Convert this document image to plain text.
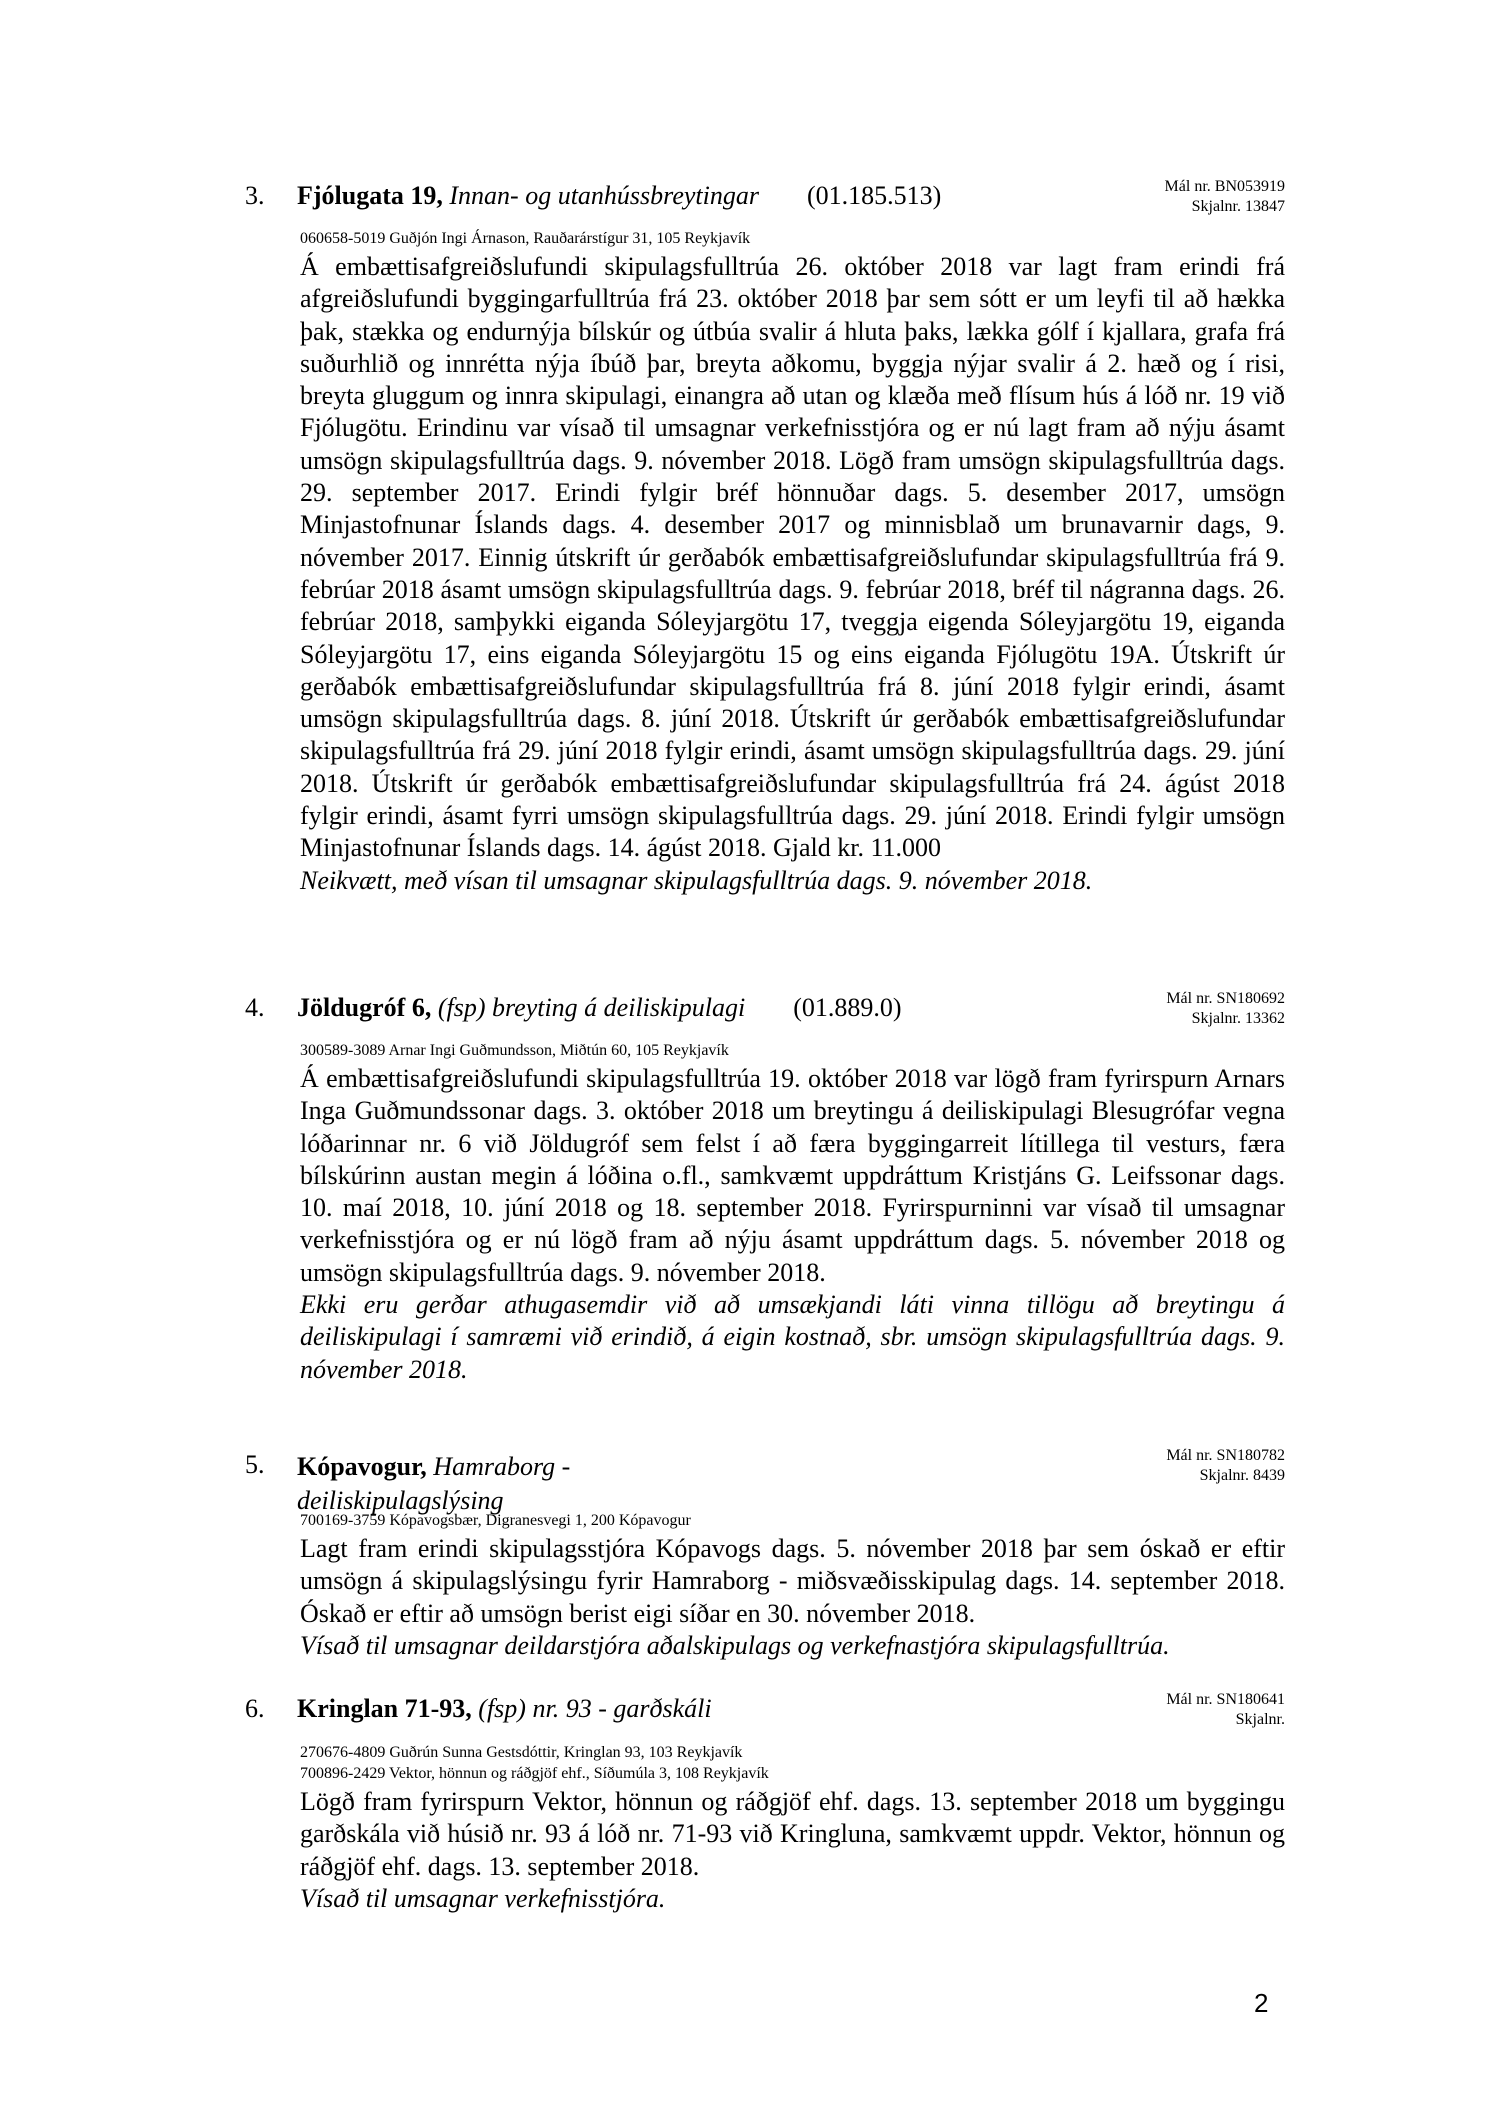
3. Fjólugata 19, Innan- og utanhússbreytingar (01.185.513)	Mál nr. BN053919
Skjalnr. 13847
060658-5019 Guðjón Ingi Árnason, Rauðarárstígur 31, 105 Reykjavík

Á embættisafgreiðslufundi skipulagsfulltrúa 26. október 2018 var lagt fram erindi frá afgreiðslufundi byggingarfulltrúa frá 23. október 2018 þar sem sótt er um leyfi til að hækka þak, stækka og endurnýja bílskúr og útbúa svalir á hluta þaks, lækka gólf í kjallara, grafa frá suðurhlið og innrétta nýja íbúð þar, breyta aðkomu, byggja nýjar svalir á 2. hæð og í risi, breyta gluggum og innra skipulagi, einangra að utan og klæða með flísum hús á lóð nr. 19 við Fjólugötu. Erindinu var vísað til umsagnar verkefnisstjóra og er nú lagt fram að nýju ásamt umsögn skipulagsfulltrúa dags. 9. nóvember 2018. Lögð fram umsögn skipulagsfulltrúa dags. 29. september 2017. Erindi fylgir bréf hönnuðar dags. 5. desember 2017, umsögn Minjastofnunar Íslands dags. 4. desember 2017 og minnisblað um brunavarnir dags, 9. nóvember 2017. Einnig útskrift úr gerðabók embættisafgreiðslufundar skipulagsfulltrúa frá 9. febrúar 2018 ásamt umsögn skipulagsfulltrúa dags. 9. febrúar 2018, bréf til nágranna dags. 26. febrúar 2018, samþykki eiganda Sóleyjargötu 17, tveggja eigenda Sóleyjargötu 19, eiganda Sóleyjargötu 17, eins eiganda Sóleyjargötu 15 og eins eiganda Fjólugötu 19A. Útskrift úr gerðabók embættisafgreiðslufundar skipulagsfulltrúa frá 8. júní 2018 fylgir erindi, ásamt umsögn skipulagsfulltrúa dags. 8. júní 2018. Útskrift úr gerðabók embættisafgreiðslufundar skipulagsfulltrúa frá 29. júní 2018 fylgir erindi, ásamt umsögn skipulagsfulltrúa dags. 29. júní 2018. Útskrift úr gerðabók embættisafgreiðslufundar skipulagsfulltrúa frá 24. ágúst 2018 fylgir erindi, ásamt fyrri umsögn skipulagsfulltrúa dags. 29. júní 2018. Erindi fylgir umsögn Minjastofnunar Íslands dags. 14. ágúst 2018. Gjald kr. 11.000

Neikvætt, með vísan til umsagnar skipulagsfulltrúa dags. 9. nóvember 2018.

4. Jöldugróf 6, (fsp) breyting á deiliskipulagi (01.889.0)	Mál nr. SN180692
Skjalnr. 13362
300589-3089 Arnar Ingi Guðmundsson, Miðtún 60, 105 Reykjavík

Á embættisafgreiðslufundi skipulagsfulltrúa 19. október 2018 var lögð fram fyrirspurn Arnars Inga Guðmundssonar dags. 3. október 2018 um breytingu á deiliskipulagi Blesugrófar vegna lóðarinnar nr. 6 við Jöldugróf sem felst í að færa byggingarreit lítillega til vesturs, færa bílskúrinn austan megin á lóðina o.fl., samkvæmt uppdráttum Kristjáns G. Leifssonar dags. 10. maí 2018, 10. júní 2018 og 18. september 2018. Fyrirspurninni var vísað til umsagnar verkefnisstjóra og er nú lögð fram að nýju ásamt uppdráttum dags. 5. nóvember 2018 og umsögn skipulagsfulltrúa dags. 9. nóvember 2018.

Ekki eru gerðar athugasemdir við að umsækjandi láti vinna tillögu að breytingu á deiliskipulagi í samræmi við erindið, á eigin kostnað, sbr. umsögn skipulagsfulltrúa dags. 9. nóvember 2018.

5. Kópavogur, Hamraborg - deiliskipulagslýsing
Mál nr. SN180782
Skjalnr. 8439
700169-3759 Kópavogsbær, Digranesvegi 1, 200 Kópavogur

Lagt fram erindi skipulagsstjóra Kópavogs dags. 5. nóvember 2018 þar sem óskað er eftir umsögn á skipulagslýsingu fyrir Hamraborg - miðsvæðisskipulag dags. 14. september 2018. Óskað er eftir að umsögn berist eigi síðar en 30. nóvember 2018.

Vísað til umsagnar deildarstjóra aðalskipulags og verkefnastjóra skipulagsfulltrúa.

6. Kringlan 71-93, (fsp) nr. 93 - garðskáli	Mál nr. SN180641
Skjalnr.
270676-4809 Guðrún Sunna Gestsdóttir, Kringlan 93, 103 Reykjavík
700896-2429 Vektor, hönnun og ráðgjöf ehf., Síðumúla 3, 108 Reykjavík

Lögð fram fyrirspurn Vektor, hönnun og ráðgjöf ehf. dags. 13. september 2018 um byggingu garðskála við húsið nr. 93 á lóð nr. 71-93 við Kringluna, samkvæmt uppdr. Vektor, hönnun og ráðgjöf ehf. dags. 13. september 2018.

Vísað til umsagnar verkefnisstjóra.

2
